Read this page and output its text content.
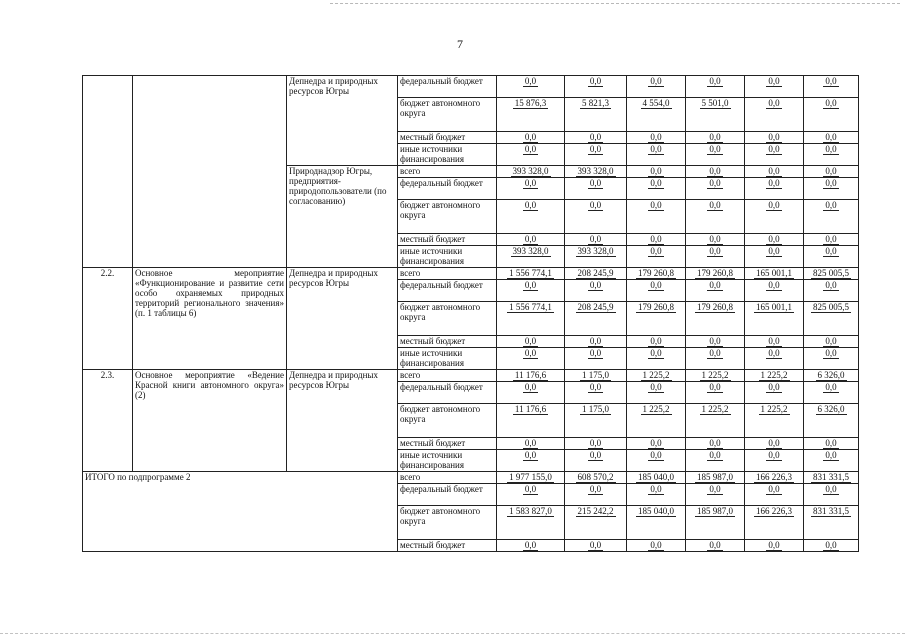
7
		Депнедра и природных ресурсов Югры	федеральный бюджет	0,0	0,0	0,0	0,0	0,0	0,0
			бюджет автономного округа	15 876,3	5 821,3	4 554,0	5 501,0	0,0	0,0
			местный бюджет	0,0	0,0	0,0	0,0	0,0	0,0
			иные источники финансирования	0,0	0,0	0,0	0,0	0,0	0,0
		Природнадзор Югры, предприятия-природопользователи (по согласованию)	всего	393 328,0	393 328,0	0,0	0,0	0,0	0,0
			федеральный бюджет	0,0	0,0	0,0	0,0	0,0	0,0
			бюджет автономного округа	0,0	0,0	0,0	0,0	0,0	0,0
			местный бюджет	0,0	0,0	0,0	0,0	0,0	0,0
			иные источники финансирования	393 328,0	393 328,0	0,0	0,0	0,0	0,0
2.2.	Основное мероприятие «Функционирование и развитие сети особо охраняемых природных территорий регионального значения» (п. 1 таблицы 6)	Депнедра и природных ресурсов Югры	всего	1 556 774,1	208 245,9	179 260,8	179 260,8	165 001,1	825 005,5
			федеральный бюджет	0,0	0,0	0,0	0,0	0,0	0,0
			бюджет автономного округа	1 556 774,1	208 245,9	179 260,8	179 260,8	165 001,1	825 005,5
			местный бюджет	0,0	0,0	0,0	0,0	0,0	0,0
			иные источники финансирования	0,0	0,0	0,0	0,0	0,0	0,0
2.3.	Основное мероприятие «Ведение Красной книги автономного округа» (2)	Депнедра и природных ресурсов Югры	всего	11 176,6	1 175,0	1 225,2	1 225,2	1 225,2	6 326,0
			федеральный бюджет	0,0	0,0	0,0	0,0	0,0	0,0
			бюджет автономного округа	11 176,6	1 175,0	1 225,2	1 225,2	1 225,2	6 326,0
			местный бюджет	0,0	0,0	0,0	0,0	0,0	0,0
			иные источники финансирования	0,0	0,0	0,0	0,0	0,0	0,0
ИТОГО по подпрограмме 2			всего	1 977 155,0	608 570,2	185 040,0	185 987,0	166 226,3	831 331,5
			федеральный бюджет	0,0	0,0	0,0	0,0	0,0	0,0
			бюджет автономного округа	1 583 827,0	215 242,2	185 040,0	185 987,0	166 226,3	831 331,5
			местный бюджет	0,0	0,0	0,0	0,0	0,0	0,0
